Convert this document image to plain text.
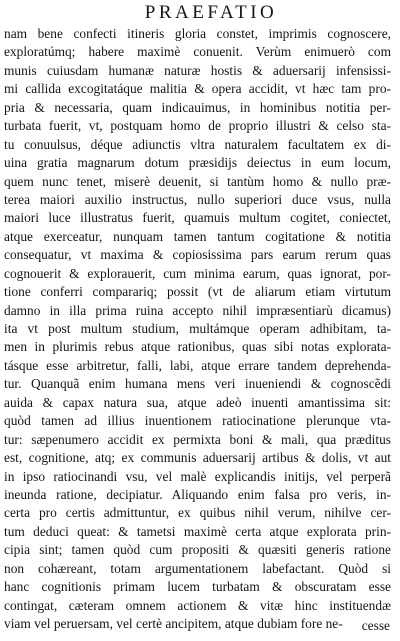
PRAEFATIO
nam bene confecti itineris gloria constet, imprimis cognoscere,
exploratúmq; habere maximè conuenit. Verùm enimuerò com
munis cuiusdam humanæ naturæ hostis & aduersarij infensissi-
mi callida excogitatáque malitia & opera accidit, vt hæc tam pro-
pria & necessaria, quam indicauimus, in hominibus notitia per-
turbata fuerit, vt, postquam homo de proprio illustri & celso sta-
tu conuulsus, déque adiunctis vltra naturalem facultatem ex di-
uina gratia magnarum dotum præsidijs deiectus in eum locum,
quem nunc tenet, miserè deuenit, si tantùm homo & nullo præ-
terea maiori auxilio instructus, nullo superiori duce vsus, nulla
maiori luce illustratus fuerit, quamuis multum cogitet, coniectet,
atque exerceatur, nunquam tamen tantum cogitatione & notitia
consequatur, vt maxima & copiosissima pars earum rerum quas
cognouerit & explorauerit, cum minima earum, quas ignorat, por-
tione conferri comparariq; possit (vt de aliarum etiam virtutum
damno in illa prima ruina accepto nihil impræsentiarù dicamus)
ita vt post multum studium, multámque operam adhibitam, ta-
men in plurimis rebus atque rationibus, quas sibi notas explorata-
tásque esse arbitretur, falli, labi, atque errare tandem deprehenda-
tur. Quanquã enim humana mens veri inueniendi & cognoscẽdi
auida & capax natura sua, atque adeò inuenti amantissima sit:
quòd tamen ad illius inuentionem ratiocinatione plerunque vta-
tur: sæpenumero accidit ex permixta boni & mali, qua præditus
est, cognitione, atq; ex communis aduersarij artibus & dolis, vt aut
in ipso ratiocinandi vsu, vel malè explicandis initijs, vel perperã
ineunda ratione, decipiatur. Aliquando enim falsa pro veris, in-
certa pro certis admittuntur, ex quibus nihil verum, nihilve cer-
tum deduci queat: & tametsi maximè certa atque explorata prin-
cipia sint; tamen quòd cum propositi & quæsiti generis ratione
non cohæreant, totam argumentationem labefactant. Quòd si
hanc cognitionis primam lucem turbatam & obscuratam esse
contingat, cæteram omnem actionem & vitæ hinc instituendæ
viam vel peruersam, vel certè ancipitem, atque dubiam fore ne-	cesse
